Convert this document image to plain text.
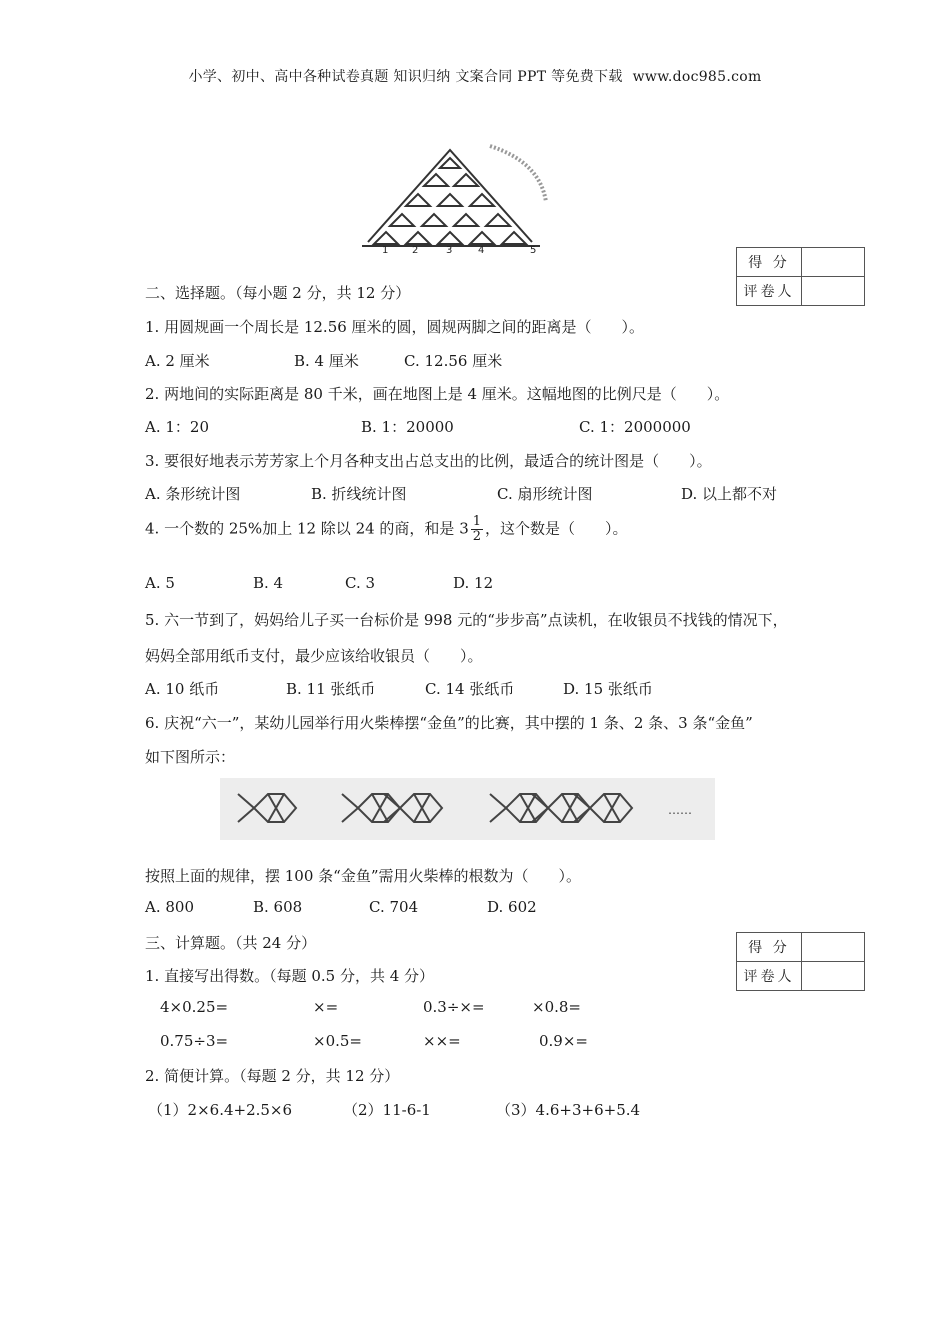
小学、初中、高中各种试卷真题 知识归纳 文案合同 PPT 等免费下载 www.doc985.com
1 2	3	4	5
得 分	
评卷人	
二、选择题。（每小题 2 分，共 12 分）
1. 用圆规画一个周长是 12.56 厘米的圆，圆规两脚之间的距离是（　　）。
A. 2 厘米	B. 4 厘米	C. 12.56 厘米
2. 两地间的实际距离是 80 千米，画在地图上是 4 厘米。这幅地图的比例尺是（　　）。
A. 1：20	B. 1：20000	C. 1：2000000
3. 要很好地表示芳芳家上个月各种支出占总支出的比例，最适合的统计图是（　　）。
A. 条形统计图	B. 折线统计图	C. 扇形统计图	D. 以上都不对
4. 一个数的 25%加上 12 除以 24 的商，和是 $3 \frac{1}{2}$ ，这个数是（　　）。
A. 5	B. 4	C. 3	D. 12
5. 六一节到了，妈妈给儿子买一台标价是 998 元的“步步高”点读机，在收银员不找钱的情况下，
妈妈全部用纸币支付，最少应该给收银员（　　）。
A. 10 纸币	B. 11 张纸币	C. 14 张纸币	D. 15 张纸币
6. 庆祝“六一”，某幼儿园举行用火柴棒摆“金鱼”的比赛，其中摆的 1 条、2 条、3 条“金鱼”
如下图所示：
……
按照上面的规律，摆 100 条“金鱼”需用火柴棒的根数为（　　）。
A. 800	B. 608	C. 704	D. 602
三、计算题。（共 24 分）	得 分	
评卷人	
1. 直接写出得数。（每题 0.5 分，共 4 分）
4×0.25=	×=	0.3÷×=	×0.8=
0.75÷3=	×0.5=	××=	0.9×=
2. 简便计算。（每题 2 分，共 12 分）
（1）2×6.4+2.5×6	（2）11-6-1	（3）4.6+3+6+5.4
